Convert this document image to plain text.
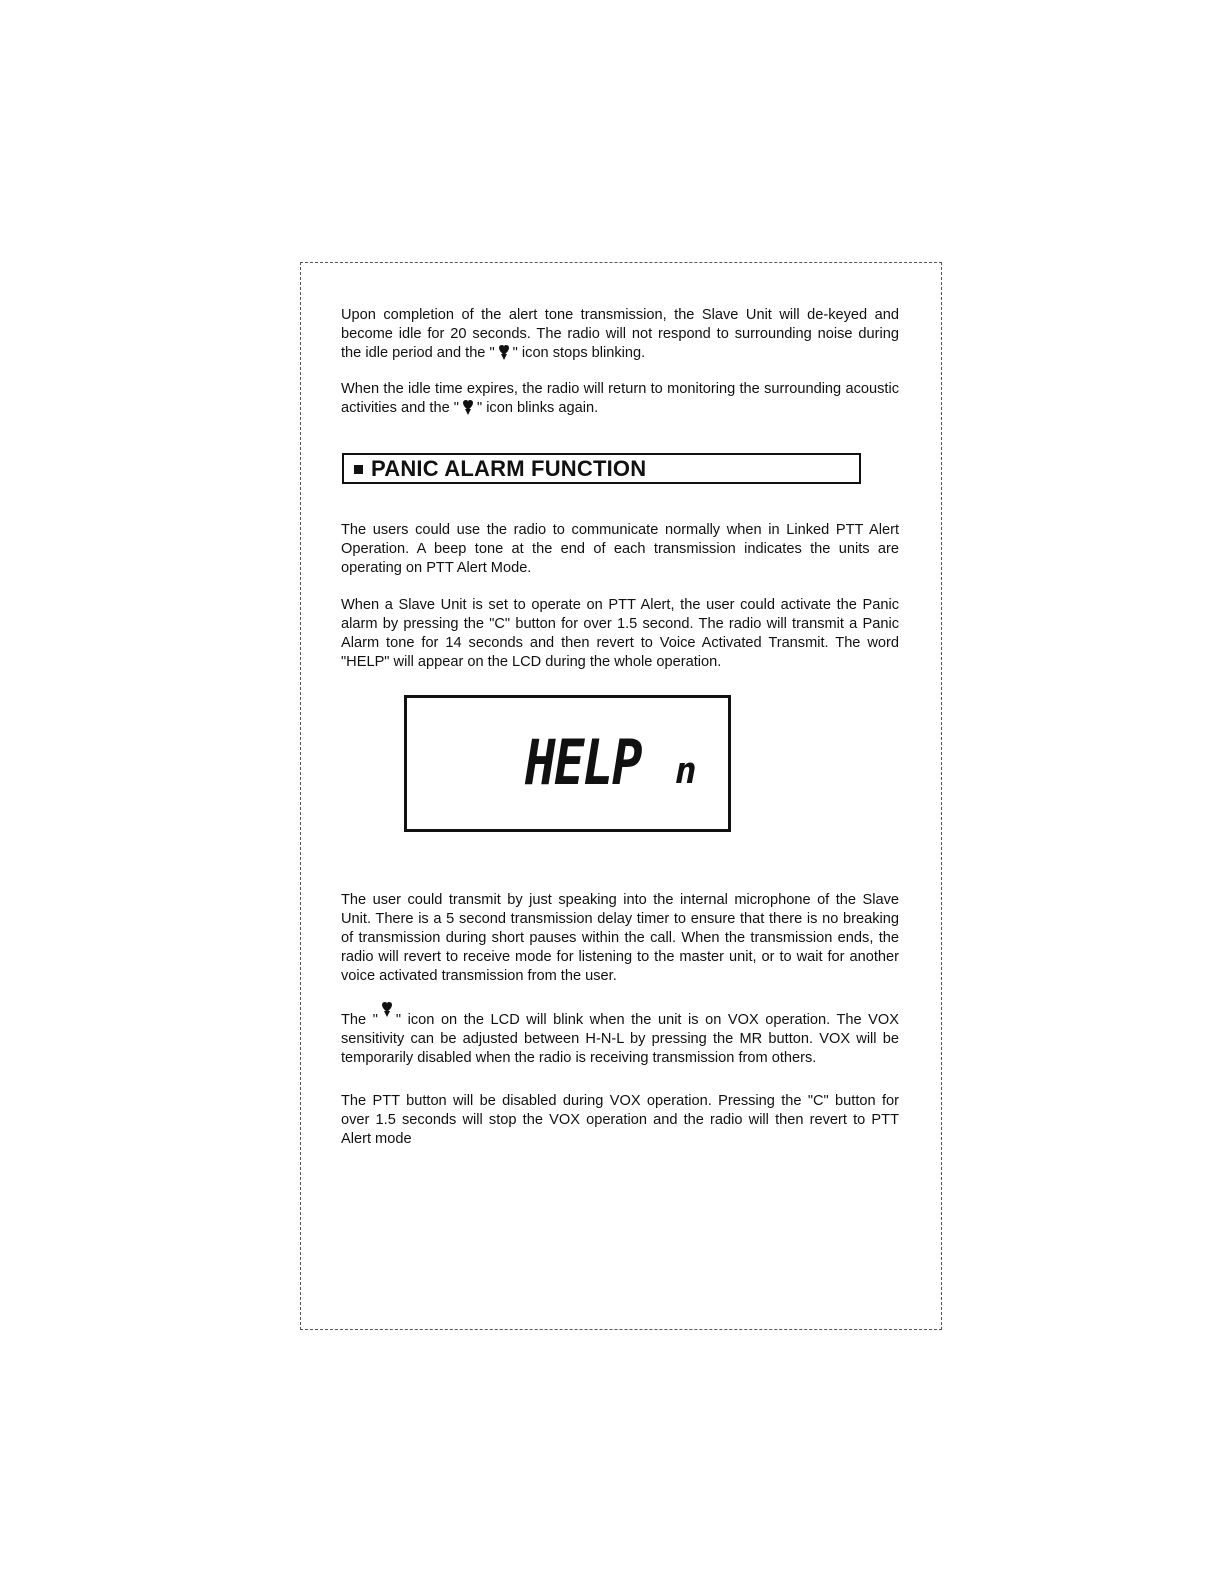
Upon completion of the alert tone transmission, the Slave Unit will de-keyed and become idle for 20 seconds. The radio will not respond to surrounding noise during the idle period and the " " icon stops blinking.

When the idle time expires, the radio will return to monitoring the surrounding acoustic activities and the " " icon blinks again.

PANIC ALARM FUNCTION

The users could use the radio to communicate normally when in Linked PTT Alert Operation. A beep tone at the end of each transmission indicates the units are operating on PTT Alert Mode.

When a Slave Unit is set to operate on PTT Alert, the user could activate the Panic alarm by pressing the "C" button for over 1.5 second. The radio will transmit a Panic Alarm tone for 14 seconds and then revert to Voice Activated Transmit. The word "HELP" will appear on the LCD during the whole operation.

HELP n

The user could transmit by just speaking into the internal microphone of the Slave Unit. There is a 5 second transmission delay timer to ensure that there is no breaking of transmission during short pauses within the call. When the transmission ends, the radio will revert to receive mode for listening to the master unit, or to wait for another voice activated transmission from the user.

The " " icon on the LCD will blink when the unit is on VOX operation. The VOX sensitivity can be adjusted between H-N-L by pressing the MR button. VOX will be temporarily disabled when the radio is receiving transmission from others.

The PTT button will be disabled during VOX operation. Pressing the "C" button for over 1.5 seconds will stop the VOX operation and the radio will then revert to PTT Alert mode
